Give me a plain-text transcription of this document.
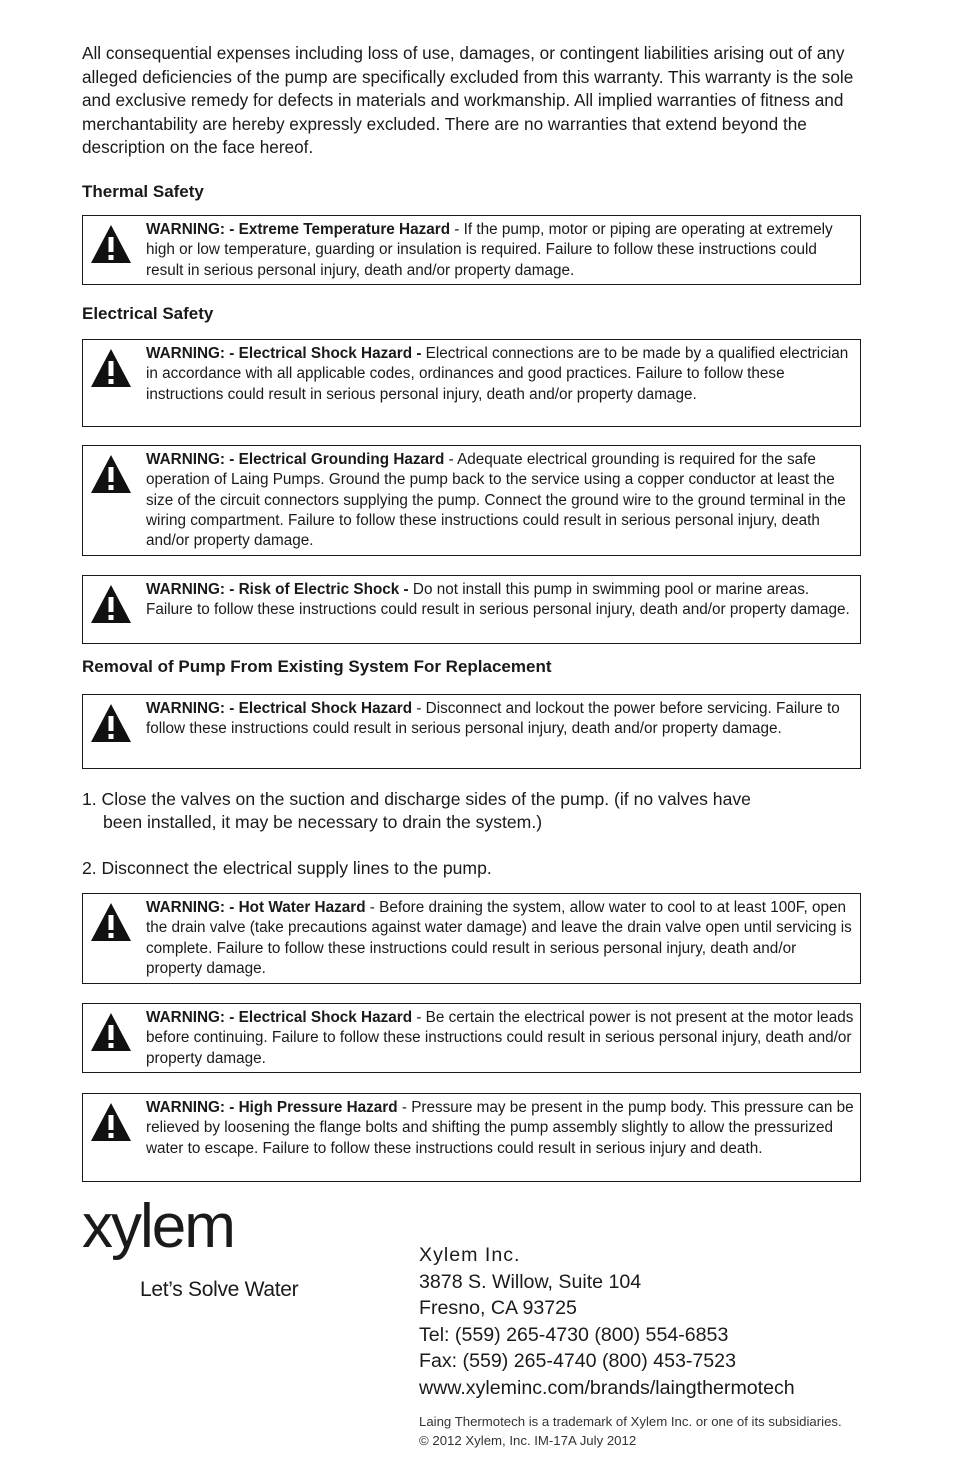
All consequential expenses including loss of use, damages, or contingent liabilities arising out of any alleged deficiencies of the pump are specifically excluded from this warranty. This warranty is the sole and exclusive remedy for defects in materials and workmanship. All implied warranties of fitness and merchantability are hereby expressly excluded. There are no warranties that extend beyond the description on the face hereof.

Thermal Safety

WARNING: - Extreme Temperature Hazard - If the pump, motor or piping are operating at extremely high or low temperature, guarding or insulation is required. Failure to follow these instructions could result in serious personal injury, death and/or property damage.

Electrical Safety

WARNING: - Electrical Shock Hazard - Electrical connections are to be made by a qualified electrician in accordance with all applicable codes, ordinances and good practices. Failure to follow these instructions could result in serious personal injury, death and/or property damage.

WARNING: - Electrical Grounding Hazard - Adequate electrical grounding is required for the safe operation of Laing Pumps. Ground the pump back to the service using a copper conductor at least the size of the circuit connectors supplying the pump. Connect the ground wire to the ground terminal in the wiring compartment. Failure to follow these instructions could result in serious personal injury, death and/or property damage.

WARNING: - Risk of Electric Shock - Do not install this pump in swimming pool or marine areas. Failure to follow these instructions could result in serious personal injury, death and/or property damage.

Removal of Pump From Existing System For Replacement

WARNING: - Electrical Shock Hazard - Disconnect and lockout the power before servicing. Failure to follow these instructions could result in serious personal injury, death and/or property damage.

1. Close the valves on the suction and discharge sides of the pump. (if no valves have

been installed, it may be necessary to drain the system.)

2. Disconnect the electrical supply lines to the pump.

WARNING: - Hot Water Hazard - Before draining the system, allow water to cool to at least 100F, open the drain valve (take precautions against water damage) and leave the drain valve open until servicing is complete. Failure to follow these instructions could result in serious personal injury, death and/or property damage.

WARNING: - Electrical Shock Hazard - Be certain the electrical power is not present at the motor leads before continuing. Failure to follow these instructions could result in serious personal injury, death and/or property damage.

WARNING: - High Pressure Hazard - Pressure may be present in the pump body. This pressure can be relieved by loosening the flange bolts and shifting the pump assembly slightly to allow the pressurized water to escape. Failure to follow these instructions could result in serious injury and death.

xylem
Let’s Solve Water
Xylem Inc.
3878 S. Willow, Suite 104
Fresno, CA 93725
Tel: (559) 265-4730 (800) 554-6853
Fax: (559) 265-4740 (800) 453-7523
www.xyleminc.com/brands/laingthermotech
Laing Thermotech is a trademark of Xylem Inc. or one of its subsidiaries.
© 2012 Xylem, Inc. IM-17A July 2012
